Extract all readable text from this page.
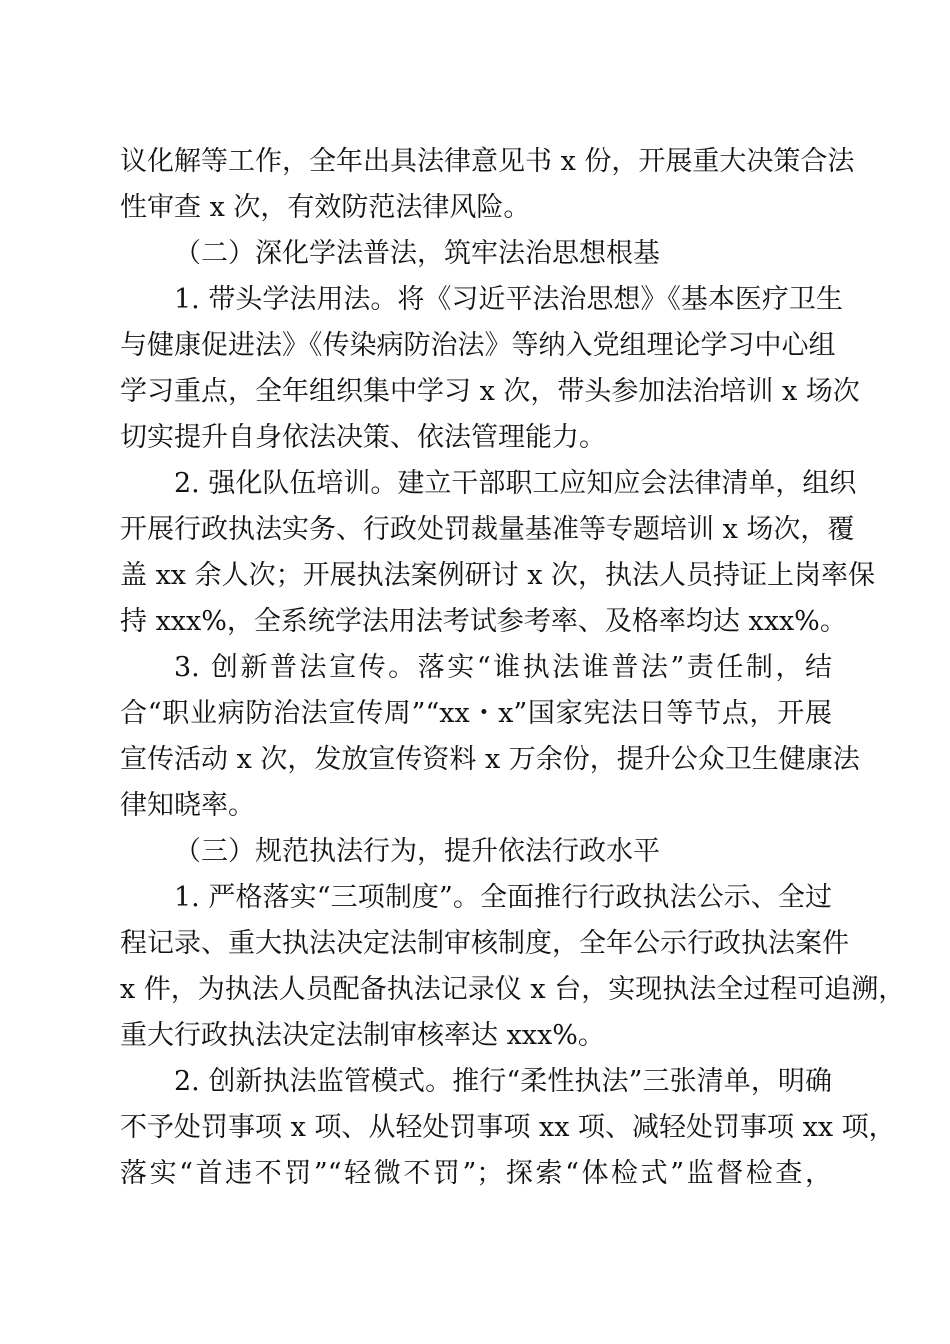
议化解等工作，全年出具法律意见书 x 份，开展重大决策合法
性审查 x 次，有效防范法律风险。
（二）深化学法普法，筑牢法治思想根基
1. 带头学法用法。将《习近平法治思想》《基本医疗卫生
与健康促进法》《传染病防治法》等纳入党组理论学习中心组
学习重点，全年组织集中学习 x 次，带头参加法治培训 x 场次
切实提升自身依法决策、依法管理能力。
2. 强化队伍培训。建立干部职工应知应会法律清单，组织
开展行政执法实务、行政处罚裁量基准等专题培训 x 场次，覆
盖 xx 余人次；开展执法案例研讨 x 次，执法人员持证上岗率保
持 xxx%，全系统学法用法考试参考率、及格率均达 xxx%。
3. 创新普法宣传。落实“谁执法谁普法”责任制，结
合“职业病防治法宣传周”“xx・x”国家宪法日等节点，开展
宣传活动 x 次，发放宣传资料 x 万余份，提升公众卫生健康法
律知晓率。
（三）规范执法行为，提升依法行政水平
1. 严格落实“三项制度”。全面推行行政执法公示、全过
程记录、重大执法决定法制审核制度，全年公示行政执法案件
x 件，为执法人员配备执法记录仪 x 台，实现执法全过程可追溯，
重大行政执法决定法制审核率达 xxx%。
2. 创新执法监管模式。推行“柔性执法”三张清单，明确
不予处罚事项 x 项、从轻处罚事项 xx 项、减轻处罚事项 xx 项，
落实“首违不罚”“轻微不罚”；探索“体检式”监督检查，
